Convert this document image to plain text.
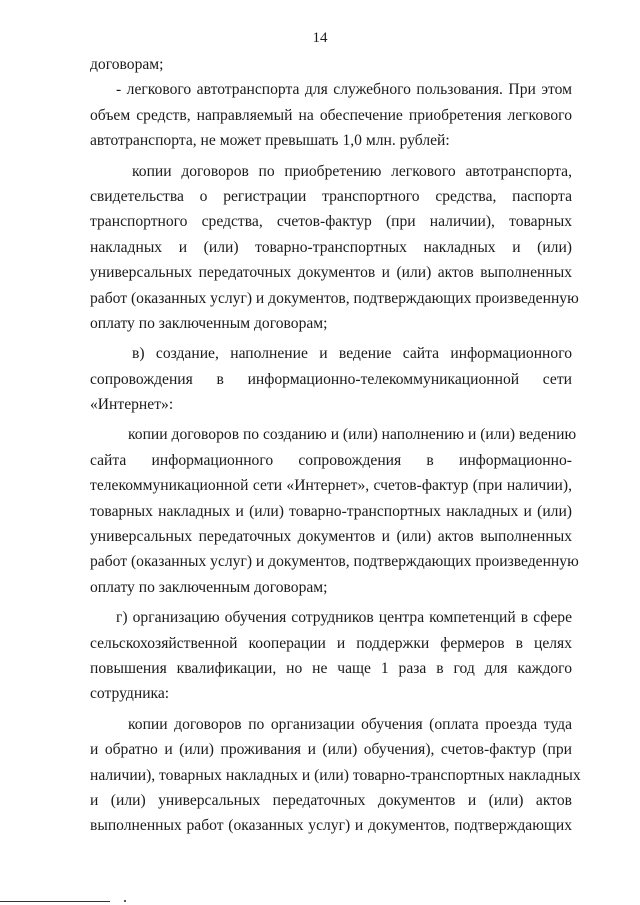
14
договорам;
- легкового автотранспорта для служебного пользования. При этом
объем средств, направляемый на обеспечение приобретения легкового
автотранспорта, не может превышать 1,0 млн. рублей:
копии договоров по приобретению легкового автотранспорта,
свидетельства о регистрации транспортного средства, паспорта
транспортного средства, счетов-фактур (при наличии), товарных
накладных и (или) товарно-транспортных накладных и (или)
универсальных передаточных документов и (или) актов выполненных
работ (оказанных услуг) и документов, подтверждающих произведенную
оплату по заключенным договорам;
в) создание, наполнение и ведение сайта информационного
сопровождения в информационно-телекоммуникационной сети
«Интернет»:
копии договоров по созданию и (или) наполнению и (или) ведению
сайта информационного сопровождения в информационно-
телекоммуникационной сети «Интернет», счетов-фактур (при наличии),
товарных накладных и (или) товарно-транспортных накладных и (или)
универсальных передаточных документов и (или) актов выполненных
работ (оказанных услуг) и документов, подтверждающих произведенную
оплату по заключенным договорам;
г) организацию обучения сотрудников центра компетенций в сфере
сельскохозяйственной кооперации и поддержки фермеров в целях
повышения квалификации, но не чаще 1 раза в год для каждого
сотрудника:
копии договоров по организации обучения (оплата проезда туда
и обратно и (или) проживания и (или) обучения), счетов-фактур (при
наличии), товарных накладных и (или) товарно-транспортных накладных
и (или) универсальных передаточных документов и (или) актов
выполненных работ (оказанных услуг) и документов, подтверждающих
